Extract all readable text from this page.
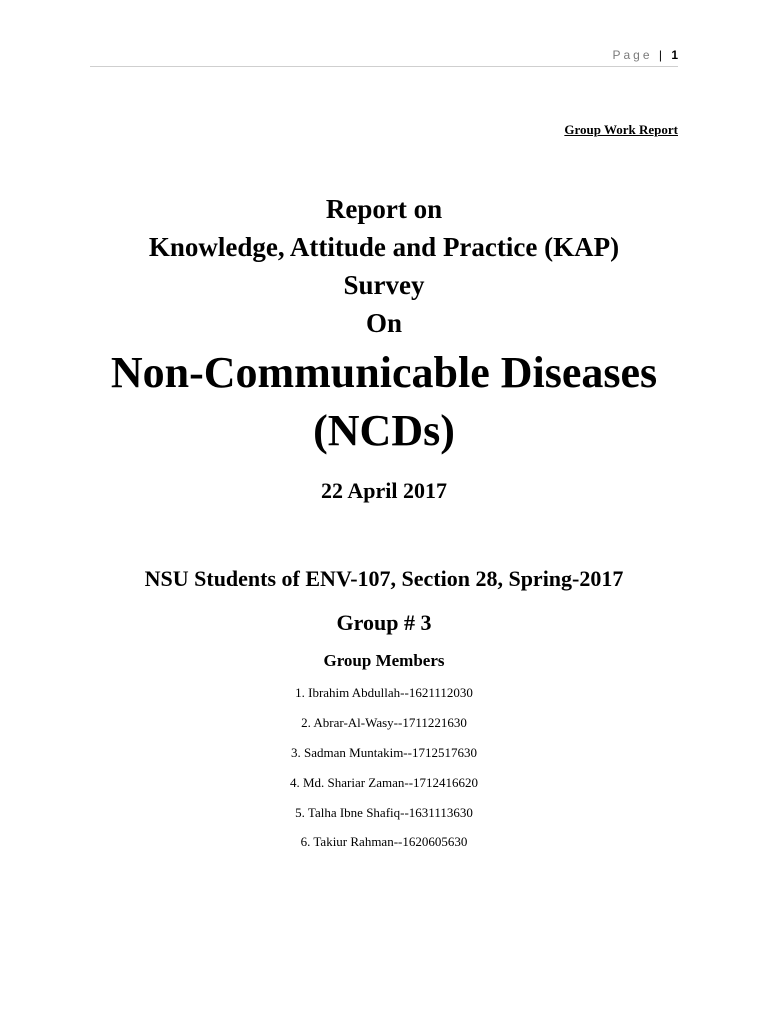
Page | 1
Group Work Report
Report on
Knowledge, Attitude and Practice (KAP)
Survey
On
Non-Communicable Diseases
(NCDs)
22 April 2017
NSU Students of ENV-107, Section 28, Spring-2017
Group # 3
Group Members
1. Ibrahim Abdullah--1621112030
2. Abrar-Al-Wasy--1711221630
3. Sadman Muntakim--1712517630
4. Md. Shariar Zaman--1712416620
5. Talha Ibne Shafiq--1631113630
6. Takiur Rahman--1620605630
